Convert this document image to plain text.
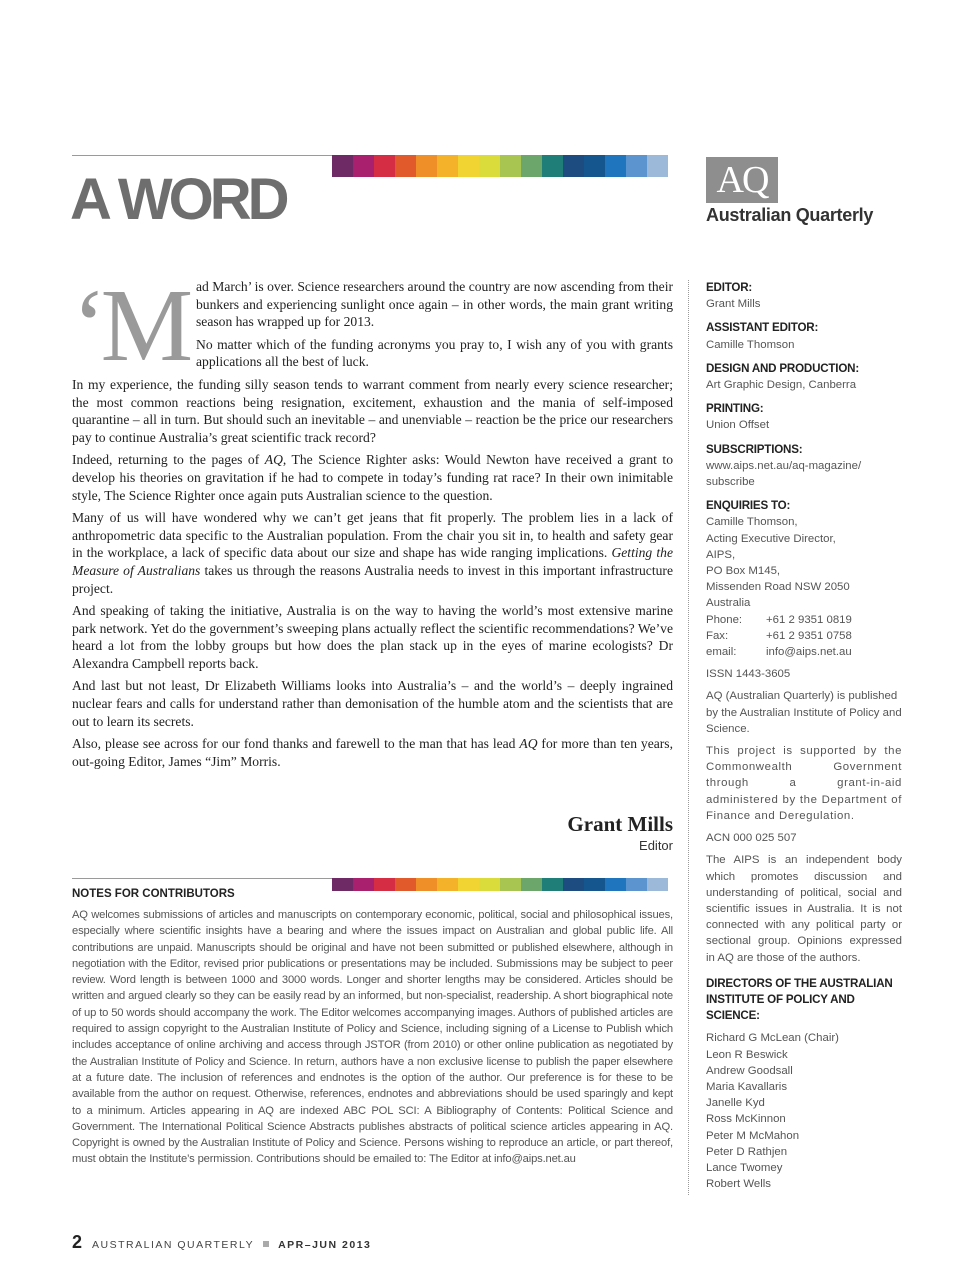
A WORD	AQ
Australian Quarterly
‘M ad March’ is over. Science researchers around the country are now ascending from their bunkers and experiencing sunlight once again – in other words, the main grant writing season has wrapped up for 2013.

No matter which of the funding acronyms you pray to, I wish any of you with grants applications all the best of luck.

In my experience, the funding silly season tends to warrant comment from nearly every science researcher; the most common reactions being resignation, excitement, exhaustion and the mania of self-imposed quarantine – all in turn. But should such an inevitable – and unenviable – reaction be the price our researchers pay to continue Australia’s great scientific track record?

Indeed, returning to the pages of AQ, The Science Righter asks: Would Newton have received a grant to develop his theories on gravitation if he had to compete in today’s funding rat race? In their own inimitable style, The Science Righter once again puts Australian science to the question.

Many of us will have wondered why we can’t get jeans that fit properly. The problem lies in a lack of anthropometric data specific to the Australian population. From the chair you sit in, to health and safety gear in the workplace, a lack of specific data about our size and shape has wide ranging implications. Getting the Measure of Australians takes us through the reasons Australia needs to invest in this important infrastructure project.

And speaking of taking the initiative, Australia is on the way to having the world’s most extensive marine park network. Yet do the government’s sweeping plans actually reflect the scientific recommendations? We’ve heard a lot from the lobby groups but how does the plan stack up in the eyes of marine ecologists? Dr Alexandra Campbell reports back.

And last but not least, Dr Elizabeth Williams looks into Australia’s – and the world’s – deeply ingrained nuclear fears and calls for understand rather than demonisation of the humble atom and the scientists that are out to learn its secrets.

Also, please see across for our fond thanks and farewell to the man that has lead AQ for more than ten years, out-going Editor, James “Jim” Morris.

Grant Mills
Editor
NOTES FOR CONTRIBUTORS

AQ welcomes submissions of articles and manuscripts on contemporary economic, political, social and philosophical issues, especially where scientific insights have a bearing and where the issues impact on Australian and global public life. All contributions are unpaid. Manuscripts should be original and have not been submitted or published elsewhere, although in negotiation with the Editor, revised prior publications or presentations may be included. Submissions may be subject to peer review. Word length is between 1000 and 3000 words. Longer and shorter lengths may be considered. Articles should be written and argued clearly so they can be easily read by an informed, but non-specialist, readership. A short biographical note of up to 50 words should accompany the work. The Editor welcomes accompanying images. Authors of published articles are required to assign copyright to the Australian Institute of Policy and Science, including signing of a License to Publish which includes acceptance of online archiving and access through JSTOR (from 2010) or other online publication as negotiated by the Australian Institute of Policy and Science. In return, authors have a non exclusive license to publish the paper elsewhere at a future date. The inclusion of references and endnotes is the option of the author. Our preference is for these to be available from the author on request. Otherwise, references, endnotes and abbreviations should be used sparingly and kept to a minimum. Articles appearing in AQ are indexed ABC POL SCI: A Bibliography of Contents: Political Science and Government. The International Political Science Abstracts publishes abstracts of political science articles appearing in AQ. Copyright is owned by the Australian Institute of Policy and Science. Persons wishing to reproduce an article, or part thereof, must obtain the Institute’s permission. Contributions should be emailed to: The Editor at info@aips.net.au

EDITOR:
Grant Mills
ASSISTANT EDITOR:
Camille Thomson
DESIGN AND PRODUCTION:
Art Graphic Design, Canberra
PRINTING:
Union Offset
SUBSCRIPTIONS:
www.aips.net.au/aq-magazine/
subscribe
ENQUIRIES TO:
Camille Thomson,
Acting Executive Director,
AIPS,
PO Box M145,
Missenden Road NSW 2050
Australia
Phone:	+61 2 9351 0819
Fax:	+61 2 9351 0758
email:	info@aips.net.au
ISSN 1443-3605
AQ (Australian Quarterly) is published by the Australian Institute of Policy and Science.
This project is supported by the Commonwealth Government through a grant-in-aid administered by the Department of Finance and Deregulation.
ACN 000 025 507
The AIPS is an independent body which promotes discussion and understanding of political, social and scientific issues in Australia. It is not connected with any political party or sectional group. Opinions expressed in AQ are those of the authors.
DIRECTORS OF THE AUSTRALIAN INSTITUTE OF POLICY AND SCIENCE:
Richard G McLean (Chair)
Leon R Beswick
Andrew Goodsall
Maria Kavallaris
Janelle Kyd
Ross McKinnon
Peter M McMahon
Peter D Rathjen
Lance Twomey
Robert Wells
2 AUSTRALIAN QUARTERLY APR–JUN 2013
